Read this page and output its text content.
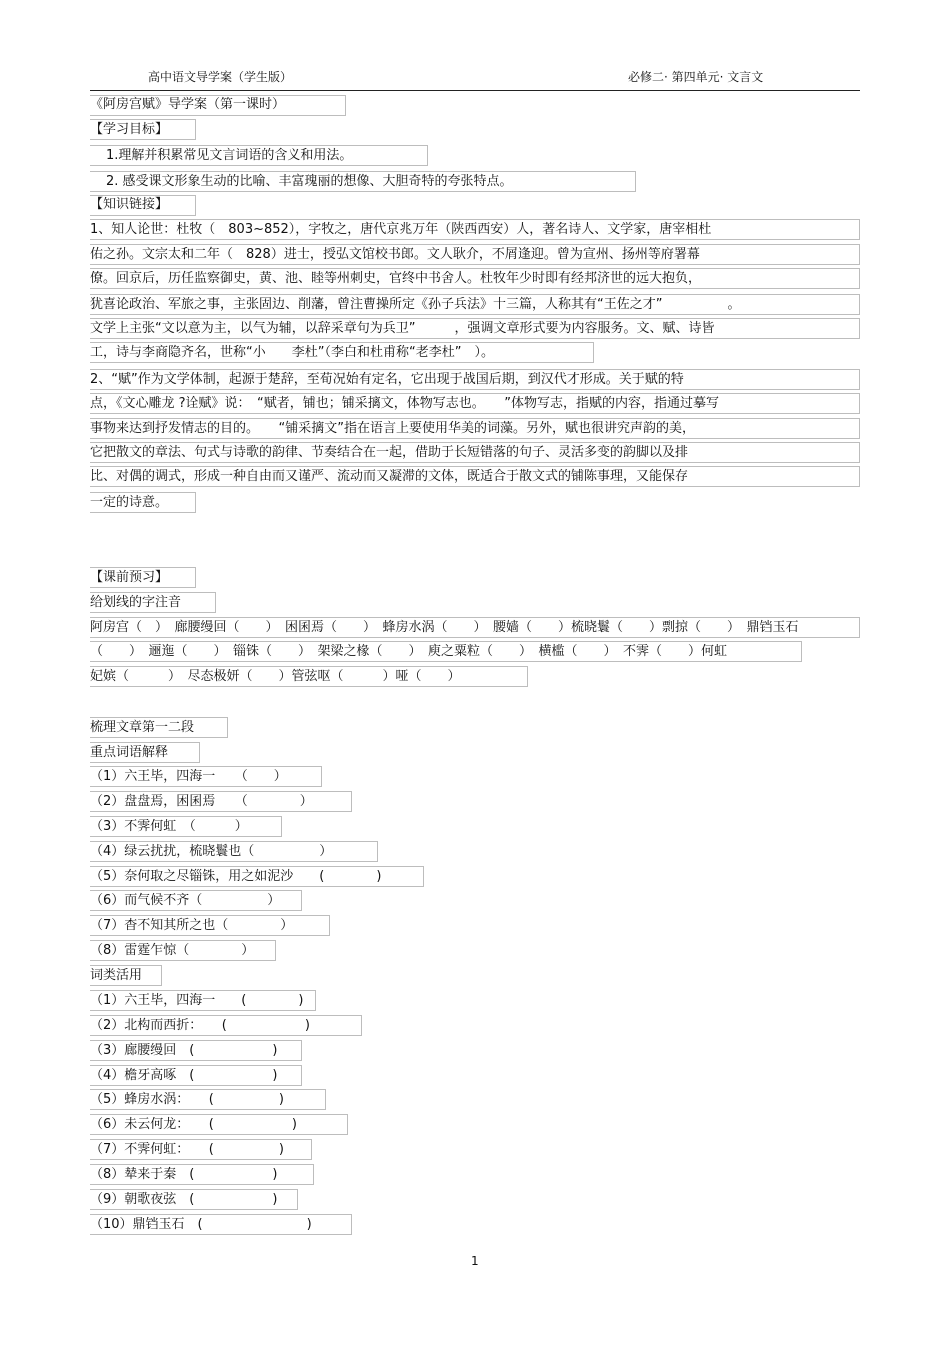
高中语文导学案（学生版）	必修二· 第四单元· 文言文
《阿房宫赋》导学案（第一课时）
【学习目标】
1.理解并积累常见文言词语的含义和用法。
2. 感受课文形象生动的比喻、丰富瑰丽的想像、大胆奇特的夸张特点。
【知识链接】
1、知人论世：杜牧（　803~852），字牧之，唐代京兆万年（陕西西安）人，著名诗人、文学家，唐宰相杜
佑之孙。文宗太和二年（　828）进士，授弘文馆校书郎。文人耿介，不屑逢迎。曾为宣州、扬州等府署幕
僚。回京后，历任监察御史，黄、池、睦等州刺史，官终中书舍人。杜牧年少时即有经邦济世的远大抱负，
犹喜论政治、军旅之事，主张固边、削藩，曾注曹操所定《孙子兵法》十三篇，人称其有“王佐之才”　　　　　。
文学上主张“文以意为主，以气为辅，以辞采章句为兵卫”　　　，强调文章形式要为内容服务。文、赋、诗皆
工，诗与李商隐齐名，世称“小　　李杜”（李白和杜甫称“老李杜”　）。
2、“赋”作为文学体制，起源于楚辞，至荀况始有定名，它出现于战国后期，到汉代才形成。关于赋的特
点，《文心雕龙 ?诠赋》说：　“赋者，铺也；铺采摛文，体物写志也。　　”体物写志，指赋的内容，指通过摹写
事物来达到抒发情志的目的。　　“铺采摛文”指在语言上要使用华美的词藻。另外，赋也很讲究声韵的美，
它把散文的章法、句式与诗歌的韵律、节奏结合在一起，借助于长短错落的句子、灵活多变的韵脚以及排
比、对偶的调式，形成一种自由而又谨严、流动而又凝滞的文体，既适合于散文式的铺陈事理，又能保存
一定的诗意。
【课前预习】
给划线的字注音
阿房宫（　）　廊腰缦回（　　）　困囷焉（　　）　蜂房水涡（　　）　腰嫱（　　）梳晓鬟（　　）剽掠（　　）　鼎铛玉石
（　　）　逦迤（　　）　锱铢（　　）　架梁之椽（　　）　庾之粟粒（　　）　横槛（　　）　不霁（　　）何虹
妃嫔（　　　）　尽态极妍（　　）管弦呕（　　　）哑（　　）
梳理文章第一二段
重点词语解释
（1）六王毕，四海一　　（　　）
（2）盘盘焉，困囷焉　　（　　　　）
（3）不霁何虹　（　　　）
（4）绿云扰扰，梳晓鬟也（　　　　　）
（5）奈何取之尽锱铢，用之如泥沙　　(　　　　)
（6）而气候不齐（　　　　　）
（7）杳不知其所之也（　　　　）
（8）雷霆乍惊（　　　　）
词类活用
（1）六王毕，四海一　　(　　　　)
（2）北构而西折：　　(　　　　　　)
（3）廊腰缦回　(　　　　　　)
（4）檐牙高啄　(　　　　　　)
（5）蜂房水涡：　　(　　　　　)
（6）未云何龙：　　(　　　　　　)
（7）不霁何虹：　　(　　　　　)
（8）辇来于秦　(　　　　　　)
（9）朝歌夜弦　(　　　　　　)
（10）鼎铛玉石　(　　　　　　　　)
1
